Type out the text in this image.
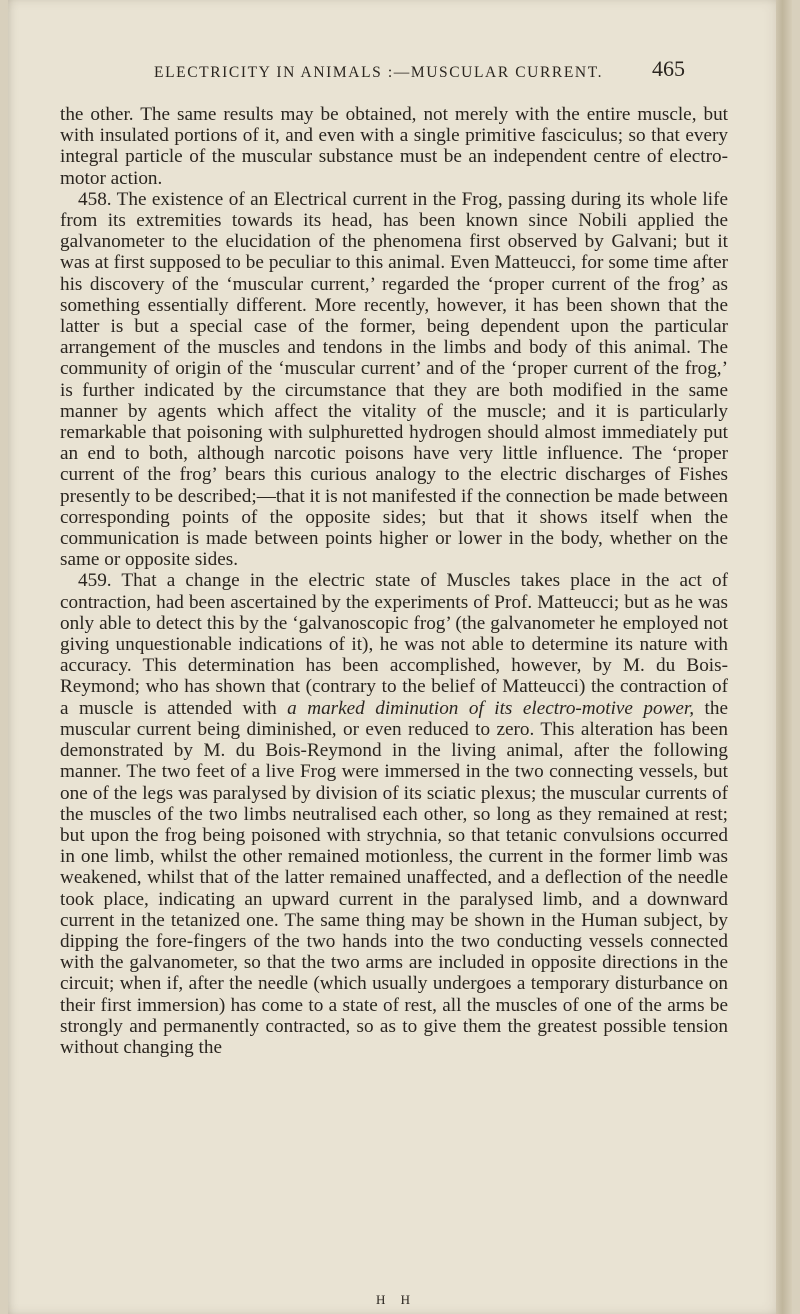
ELECTRICITY IN ANIMALS :—MUSCULAR CURRENT. 465

the other. The same results may be obtained, not merely with the entire muscle, but with insulated portions of it, and even with a single primitive fasciculus; so that every integral particle of the muscular substance must be an independent centre of electro-motor action.

458. The existence of an Electrical current in the Frog, passing during its whole life from its extremities towards its head, has been known since Nobili applied the galvanometer to the elucidation of the phenomena first observed by Galvani; but it was at first supposed to be peculiar to this animal. Even Matteucci, for some time after his discovery of the ‘muscular current,’ regarded the ‘proper current of the frog’ as something essentially different. More recently, however, it has been shown that the latter is but a special case of the former, being dependent upon the particular arrangement of the muscles and tendons in the limbs and body of this animal. The community of origin of the ‘muscular current’ and of the ‘proper current of the frog,’ is further indicated by the circumstance that they are both modified in the same manner by agents which affect the vitality of the muscle; and it is particularly remarkable that poisoning with sulphuretted hydrogen should almost immediately put an end to both, although narcotic poisons have very little influence. The ‘proper current of the frog’ bears this curious analogy to the electric discharges of Fishes presently to be described;—that it is not manifested if the connection be made between corresponding points of the opposite sides; but that it shows itself when the communication is made between points higher or lower in the body, whether on the same or opposite sides.

459. That a change in the electric state of Muscles takes place in the act of contraction, had been ascertained by the experiments of Prof. Matteucci; but as he was only able to detect this by the ‘galvanoscopic frog’ (the galvanometer he employed not giving unquestionable indications of it), he was not able to determine its nature with accuracy. This determination has been accomplished, however, by M. du Bois-Reymond; who has shown that (contrary to the belief of Matteucci) the contraction of a muscle is attended with a marked diminution of its electro-motive power, the muscular current being diminished, or even reduced to zero. This alteration has been demonstrated by M. du Bois-Reymond in the living animal, after the following manner. The two feet of a live Frog were immersed in the two connecting vessels, but one of the legs was paralysed by division of its sciatic plexus; the muscular currents of the muscles of the two limbs neutralised each other, so long as they remained at rest; but upon the frog being poisoned with strychnia, so that tetanic convulsions occurred in one limb, whilst the other remained motionless, the current in the former limb was weakened, whilst that of the latter remained unaffected, and a deflection of the needle took place, indicating an upward current in the paralysed limb, and a downward current in the tetanized one. The same thing may be shown in the Human subject, by dipping the fore-fingers of the two hands into the two conducting vessels connected with the galvanometer, so that the two arms are included in opposite directions in the circuit; when if, after the needle (which usually undergoes a temporary disturbance on their first immersion) has come to a state of rest, all the muscles of one of the arms be strongly and permanently contracted, so as to give them the greatest possible tension without changing the

H H
